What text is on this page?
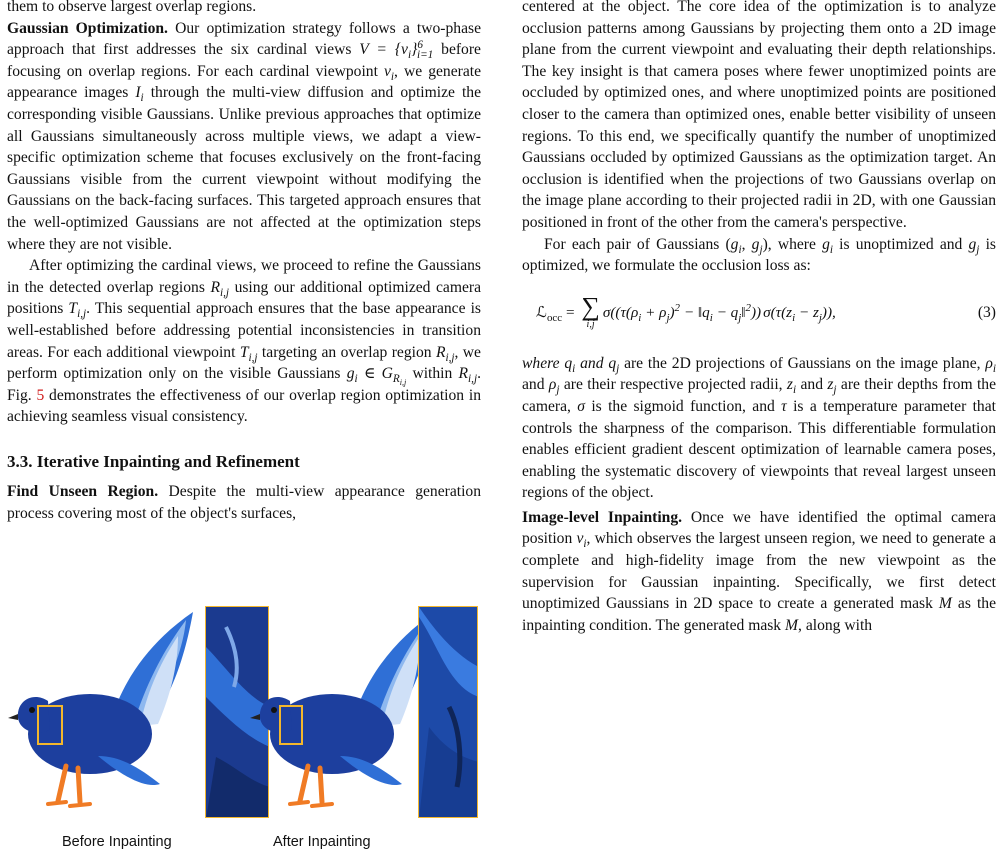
them to observe largest overlap regions.

Gaussian Optimization. Our optimization strategy follows a two-phase approach that first addresses the six cardinal views $V = \{v_i\}^6_{i=1}$ before focusing on overlap regions. For each cardinal viewpoint $v_i$, we generate appearance images $I_i$ through the multi-view diffusion and optimize the corresponding visible Gaussians. Unlike previous approaches that optimize all Gaussians simultaneously across multiple views, we adapt a view-specific optimization scheme that focuses exclusively on the front-facing Gaussians visible from the current viewpoint without modifying the Gaussians on the back-facing surfaces. This targeted approach ensures that the well-optimized Gaussians are not affected at the optimization steps where they are not visible.

After optimizing the cardinal views, we proceed to refine the Gaussians in the detected overlap regions $R_{i,j}$ using our additional optimized camera positions $T_{i,j}$. This sequential approach ensures that the base appearance is well-established before addressing potential inconsistencies in transition areas. For each additional viewpoint $T_{i,j}$ targeting an overlap region $R_{i,j}$, we perform optimization only on the visible Gaussians $g_i$ ∈ $G_{R_{i,j}}$ within $R_{i,j}$. Fig. 5 demonstrates the effectiveness of our overlap region optimization in achieving seamless visual consistency.

3.3. Iterative Inpainting and Refinement

Find Unseen Region. Despite the multi-view appearance generation process covering most of the object's surfaces,

Before Inpainting	After Inpainting

centered at the object. The core idea of the optimization is to analyze occlusion patterns among Gaussians by projecting them onto a 2D image plane from the current viewpoint and evaluating their depth relationships. The key insight is that camera poses where fewer unoptimized points are occluded by optimized ones, and where unoptimized points are positioned closer to the camera than optimized ones, enable better visibility of unseen regions. To this end, we specifically quantify the number of unoptimized Gaussians occluded by optimized Gaussians as the optimization target. An occlusion is identified when the projections of two Gaussians overlap on the image plane according to their projected radii in 2D, with one Gaussian positioned in front of the other from the camera's perspective.

For each pair of Gaussians ($g_i$, $g_j$), where $g_i$ is unoptimized and $g_j$ is optimized, we formulate the occlusion loss as:

ℒ$_{occ}$ = ∑
i,j
$\sigma((\tau(\rho_i + \rho_j)^2$ − $‖q_i$ − $q_j‖^2$)) $\sigma(\tau(z_i - z_j))$,	(3)

where $q_i$ and $q_j$ are the 2D projections of Gaussians on the image plane, $\rho_i$ and $\rho_j$ are their respective projected radii, $z_i$ and $z_j$ are their depths from the camera, σ is the sigmoid function, and τ is a temperature parameter that controls the sharpness of the comparison. This differentiable formulation enables efficient gradient descent optimization of learnable camera poses, enabling the systematic discovery of viewpoints that reveal largest unseen regions of the object.

Image-level Inpainting. Once we have identified the optimal camera position $v_i$, which observes the largest unseen region, we need to generate a complete and high-fidelity image from the new viewpoint as the supervision for Gaussian inpainting. Specifically, we first detect unoptimized Gaussians in 2D space to create a generated mask M as the inpainting condition. The generated mask M, along with
